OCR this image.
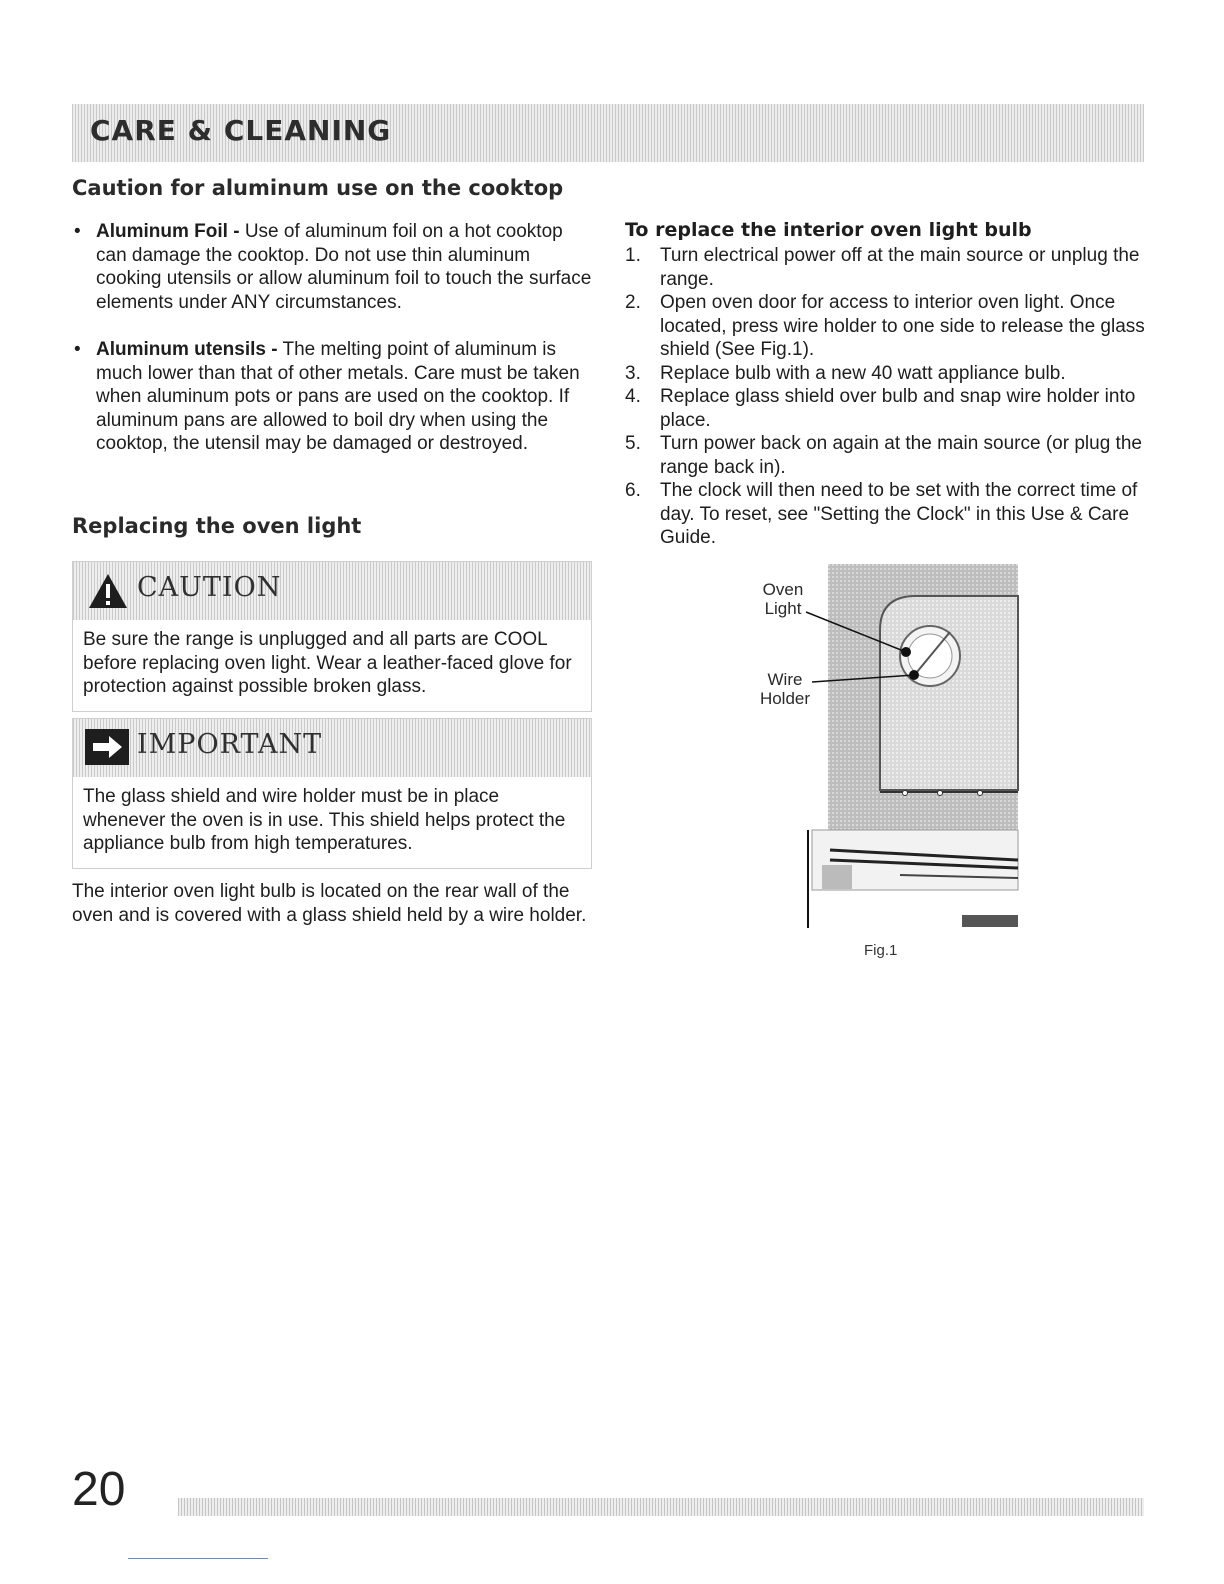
CARE & CLEANING
Caution for aluminum use on the cooktop
• Aluminum Foil - Use of aluminum foil on a hot cooktop can damage the cooktop. Do not use thin aluminum cooking utensils or allow aluminum foil to touch the surface elements under ANY circumstances.
• Aluminum utensils - The melting point of aluminum is much lower than that of other metals. Care must be taken when aluminum pots or pans are used on the cooktop. If aluminum pans are allowed to boil dry when using the cooktop, the utensil may be damaged or destroyed.
Replacing the oven light
CAUTION
Be sure the range is unplugged and all parts are COOL before replacing oven light. Wear a leather-faced glove for protection against possible broken glass.
IMPORTANT
The glass shield and wire holder must be in place whenever the oven is in use. This shield helps protect the appliance bulb from high temperatures.
The interior oven light bulb is located on the rear wall of the oven and is covered with a glass shield held by a wire holder.
To replace the interior oven light bulb
1. Turn electrical power off at the main source or unplug the range.
2. Open oven door for access to interior oven light. Once located, press wire holder to one side to release the glass shield (See Fig.1).
3. Replace bulb with a new 40 watt appliance bulb.
4. Replace glass shield over bulb and snap wire holder into place.
5. Turn power back on again at the main source (or plug the range back in).
6. The clock will then need to be set with the correct time of day. To reset, see "Setting the Clock" in this Use & Care Guide.
Oven
Light
Wire
Holder
Fig.1
20
